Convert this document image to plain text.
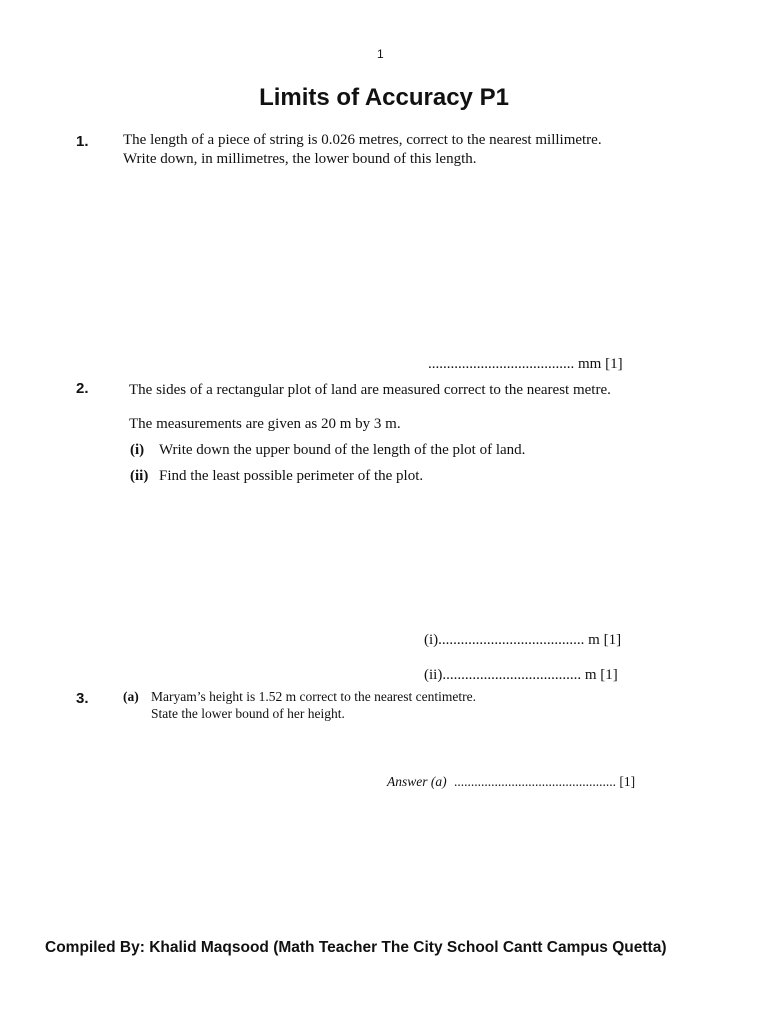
1
Limits of Accuracy P1
1. The length of a piece of string is 0.026 metres, correct to the nearest millimetre.
Write down, in millimetres, the lower bound of this length.
....................................... mm [1]
2.	The sides of a rectangular plot of land are measured correct to the nearest metre.
The measurements are given as 20 m by 3 m.
(i) Write down the upper bound of the length of the plot of land.
(ii) Find the least possible perimeter of the plot.
(i)....................................... m [1]
(ii)..................................... m [1]
3.	(a) Maryam’s height is 1.52 m correct to the nearest centimetre.
State the lower bound of her height.
Answer (a) ................................................ [1]
Compiled By: Khalid Maqsood (Math Teacher The City School Cantt Campus Quetta)
